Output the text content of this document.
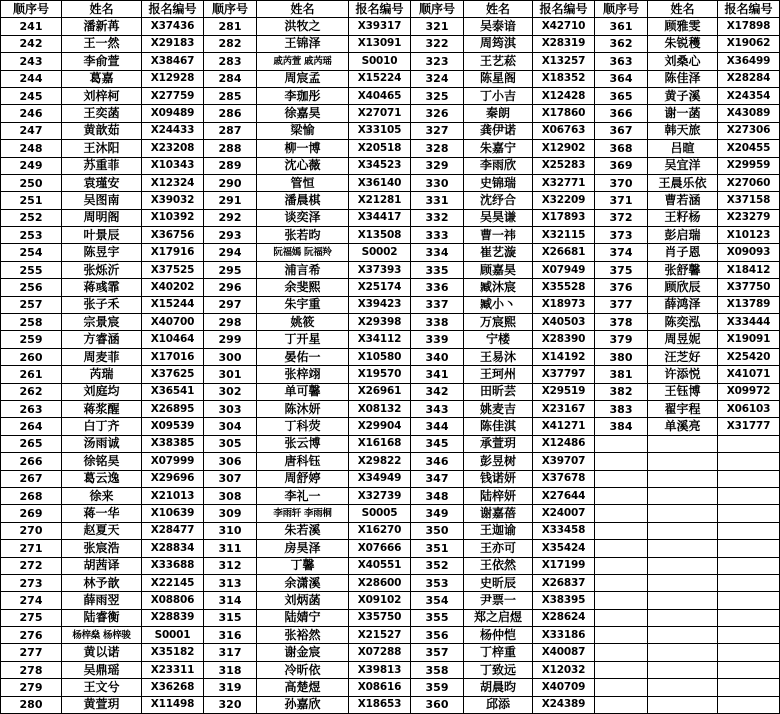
顺序号	姓名	报名编号	顺序号	姓名	报名编号	顺序号	姓名	报名编号	顺序号	姓名	报名编号
241	潘新苒	X37436	281	洪牧之	X39317	321	吴泰谙	X42710	361	顾雅雯	X17898
242	王一然	X29183	282	王锦泽	X13091	322	周筠淇	X28319	362	朱锐穫	X19062
243	李俞萱	X38467	283	戚芮萱 戚芮瑶	S0010	323	王艺菘	X13257	363	刘桑心	X36499
244	葛嘉	X12928	284	周宸孟	X15224	324	陈星阁	X18352	364	陈佳泽	X28284
245	刘梓柯	X27759	285	李珈彤	X40465	325	丁小吉	X12428	365	黄子溪	X24354
246	王奕菡	X09489	286	徐嘉昊	X27071	326	秦朗	X17860	366	谢一菡	X43089
247	黄歆茹	X24433	287	梁愉	X33105	327	龚伊诺	X06763	367	韩天旅	X27306
248	王沐阳	X23208	288	柳一博	X20518	328	朱嘉宁	X12902	368	吕暄	X20455
249	苏重菲	X10343	289	沈心薇	X34523	329	李雨欣	X25283	369	吴宜洋	X29959
250	袁瑾安	X12324	290	管恒	X36140	330	史锦瑞	X32771	370	王晨乐依	X27060
251	吴图南	X39032	291	潘晨棋	X21281	331	沈纾合	X32209	371	曹若涵	X37158
252	周明阁	X10392	292	谈奕泽	X34417	332	吴昊谦	X17893	372	王籽杨	X23279
253	叶景辰	X36756	293	张若昀	X13508	333	曹一祎	X32115	373	彭启瑞	X10123
254	陈昱宇	X17916	294	阮福嫣 阮福羚	S0002	334	崔艺漩	X26681	374	肖子恩	X09093
255	张烁沂	X37525	295	浦言希	X37393	335	顾嘉昊	X07949	375	张舒馨	X18412
256	蒋彧霏	X40202	296	余斐熙	X25174	336	臧沐宸	X35528	376	顾欣辰	X37750
257	张子禾	X15244	297	朱宇重	X39423	337	臧小丶	X18973	377	薛鸿泽	X13789
258	宗景宸	X40700	298	姚筱	X29398	338	万宸熙	X40503	378	陈奕泓	X33444
259	方睿涵	X10464	299	丁开星	X34112	339	宁楼	X28390	379	周昱妮	X19091
260	周麦菲	X17016	300	晏佑一	X10580	340	王易沐	X14192	380	汪芝好	X25420
261	芮瑞	X37625	301	张梓翊	X19570	341	王珂州	X37797	381	许添悦	X41071
262	刘庭均	X36541	302	单可馨	X26961	342	田昕芸	X29519	382	王钰博	X09972
263	蒋浆醒	X26895	303	陈沐妍	X08132	343	姚麦吉	X23167	383	翟宇程	X06103
264	白丁齐	X09539	304	丁科荧	X29904	344	陈佳淇	X41271	384	单溪亮	X31777
265	汤雨诚	X38385	305	张云博	X16168	345	承萱玥	X12486			
266	徐铭昊	X07999	306	唐科钰	X29822	346	彭昱树	X39707			
267	葛云逸	X29696	307	周舒婷	X34949	347	钱诺妍	X37678			
268	徐来	X21013	308	李礼一	X32739	348	陆梓妍	X27644			
269	蒋一华	X10639	309	李雨轩 李雨桐	S0005	349	谢嘉蓓	X24007			
270	赵夏天	X28477	310	朱若溪	X16270	350	王迦谕	X33458			
271	张宸浩	X28834	311	房昊泽	X07666	351	王亦可	X35424			
272	胡茜译	X33688	312	丁馨	X40551	352	王依然	X17199			
273	林予歆	X22145	313	余潇溪	X28600	353	史昕辰	X26837			
274	薛雨翌	X08806	314	刘炳菡	X09102	354	尹票一	X38395			
275	陆睿衡	X28839	315	陆婧宁	X35750	355	郑之启煜	X28624			
276	杨梓燊 杨梓骏	S0001	316	张裕然	X21527	356	杨仲恺	X33186			
277	黄以诺	X35182	317	谢金宸	X07288	357	丁梓重	X40087			
278	吴鼎瑶	X23311	318	冷昕依	X39813	358	丁致远	X12032			
279	王文兮	X36268	319	高楚煜	X08616	359	胡晨昀	X40709			
280	黄萱玥	X11498	320	孙嘉欣	X18653	360	邱添	X24389			
